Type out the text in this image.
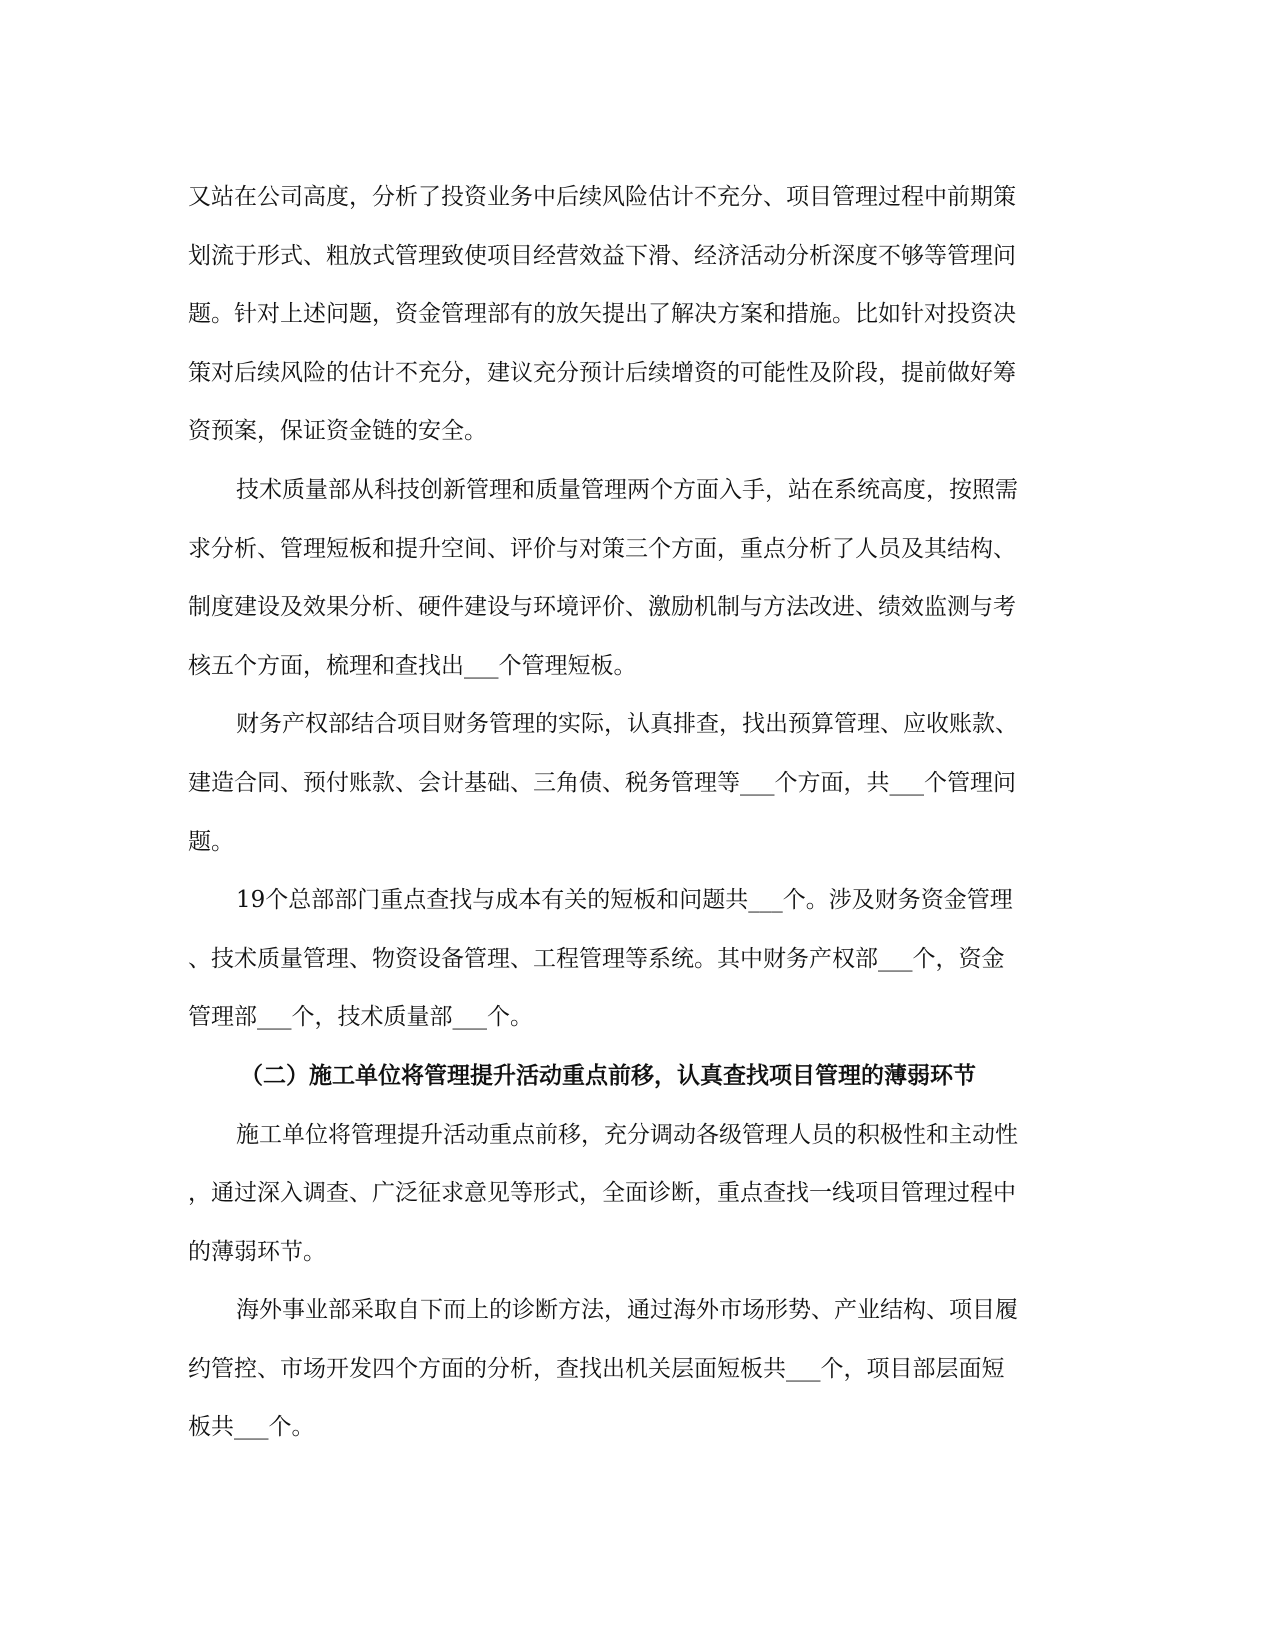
又站在公司高度，分析了投资业务中后续风险估计不充分、项目管理过程中前期策
划流于形式、粗放式管理致使项目经营效益下滑、经济活动分析深度不够等管理问
题。针对上述问题，资金管理部有的放矢提出了解决方案和措施。比如针对投资决
策对后续风险的估计不充分，建议充分预计后续增资的可能性及阶段，提前做好筹
资预案，保证资金链的安全。
技术质量部从科技创新管理和质量管理两个方面入手，站在系统高度，按照需
求分析、管理短板和提升空间、评价与对策三个方面，重点分析了人员及其结构、
制度建设及效果分析、硬件建设与环境评价、激励机制与方法改进、绩效监测与考
核五个方面，梳理和查找出___个管理短板。
财务产权部结合项目财务管理的实际，认真排查，找出预算管理、应收账款、
建造合同、预付账款、会计基础、三角债、税务管理等___个方面，共___个管理问
题。
19个总部部门重点查找与成本有关的短板和问题共___个。涉及财务资金管理
、技术质量管理、物资设备管理、工程管理等系统。其中财务产权部___个，资金
管理部___个，技术质量部___个。
（二）施工单位将管理提升活动重点前移，认真查找项目管理的薄弱环节
施工单位将管理提升活动重点前移，充分调动各级管理人员的积极性和主动性
，通过深入调查、广泛征求意见等形式，全面诊断，重点查找一线项目管理过程中
的薄弱环节。
海外事业部采取自下而上的诊断方法，通过海外市场形势、产业结构、项目履
约管控、市场开发四个方面的分析，查找出机关层面短板共___个，项目部层面短
板共___个。
